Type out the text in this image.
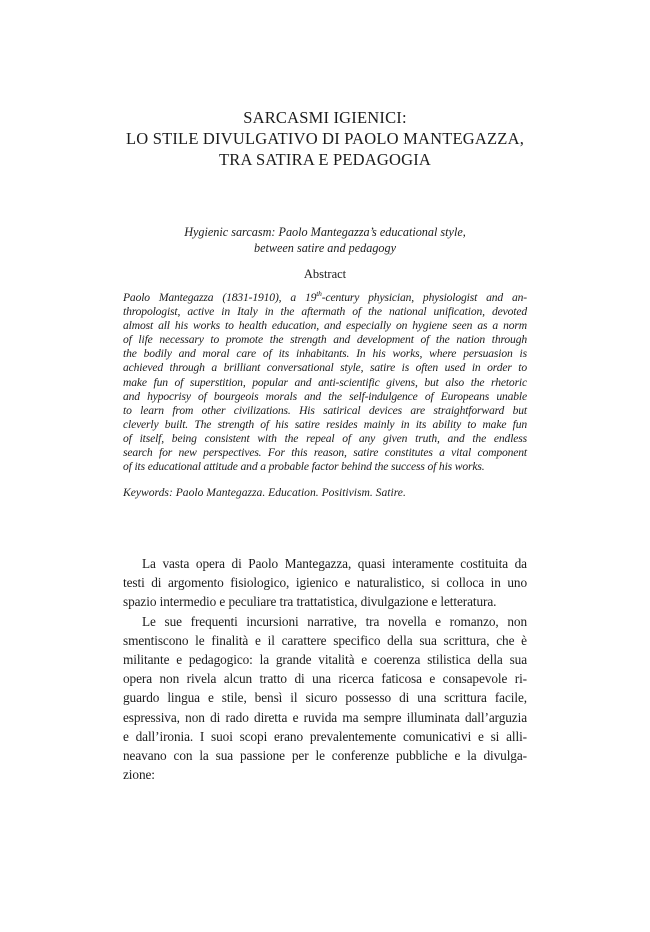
SARCASMI IGIENICI:
LO STILE DIVULGATIVO DI PAOLO MANTEGAZZA,
TRA SATIRA E PEDAGOGIA
Hygienic sarcasm: Paolo Mantegazza’s educational style,
between satire and pedagogy
Abstract
Paolo Mantegazza (1831-1910), a 19th-century physician, physiologist and an-
thropologist, active in Italy in the aftermath of the national unification, devoted
almost all his works to health education, and especially on hygiene seen as a norm
of life necessary to promote the strength and development of the nation through
the bodily and moral care of its inhabitants. In his works, where persuasion is
achieved through a brilliant conversational style, satire is often used in order to
make fun of superstition, popular and anti-scientific givens, but also the rhetoric
and hypocrisy of bourgeois morals and the self-indulgence of Europeans unable
to learn from other civilizations. His satirical devices are straightforward but
cleverly built. The strength of his satire resides mainly in its ability to make fun
of itself, being consistent with the repeal of any given truth, and the endless
search for new perspectives. For this reason, satire constitutes a vital component
of its educational attitude and a probable factor behind the success of his works.
Keywords: Paolo Mantegazza. Education. Positivism. Satire.
La vasta opera di Paolo Mantegazza, quasi interamente costituita da
testi di argomento fisiologico, igienico e naturalistico, si colloca in uno
spazio intermedio e peculiare tra trattatistica, divulgazione e letteratura.
Le sue frequenti incursioni narrative, tra novella e romanzo, non
smentiscono le finalità e il carattere specifico della sua scrittura, che è
militante e pedagogico: la grande vitalità e coerenza stilistica della sua
opera non rivela alcun tratto di una ricerca faticosa e consapevole ri-
guardo lingua e stile, bensì il sicuro possesso di una scrittura facile,
espressiva, non di rado diretta e ruvida ma sempre illuminata dall’arguzia
e dall’ironia. I suoi scopi erano prevalentemente comunicativi e si alli-
neavano con la sua passione per le conferenze pubbliche e la divulga-
zione:
